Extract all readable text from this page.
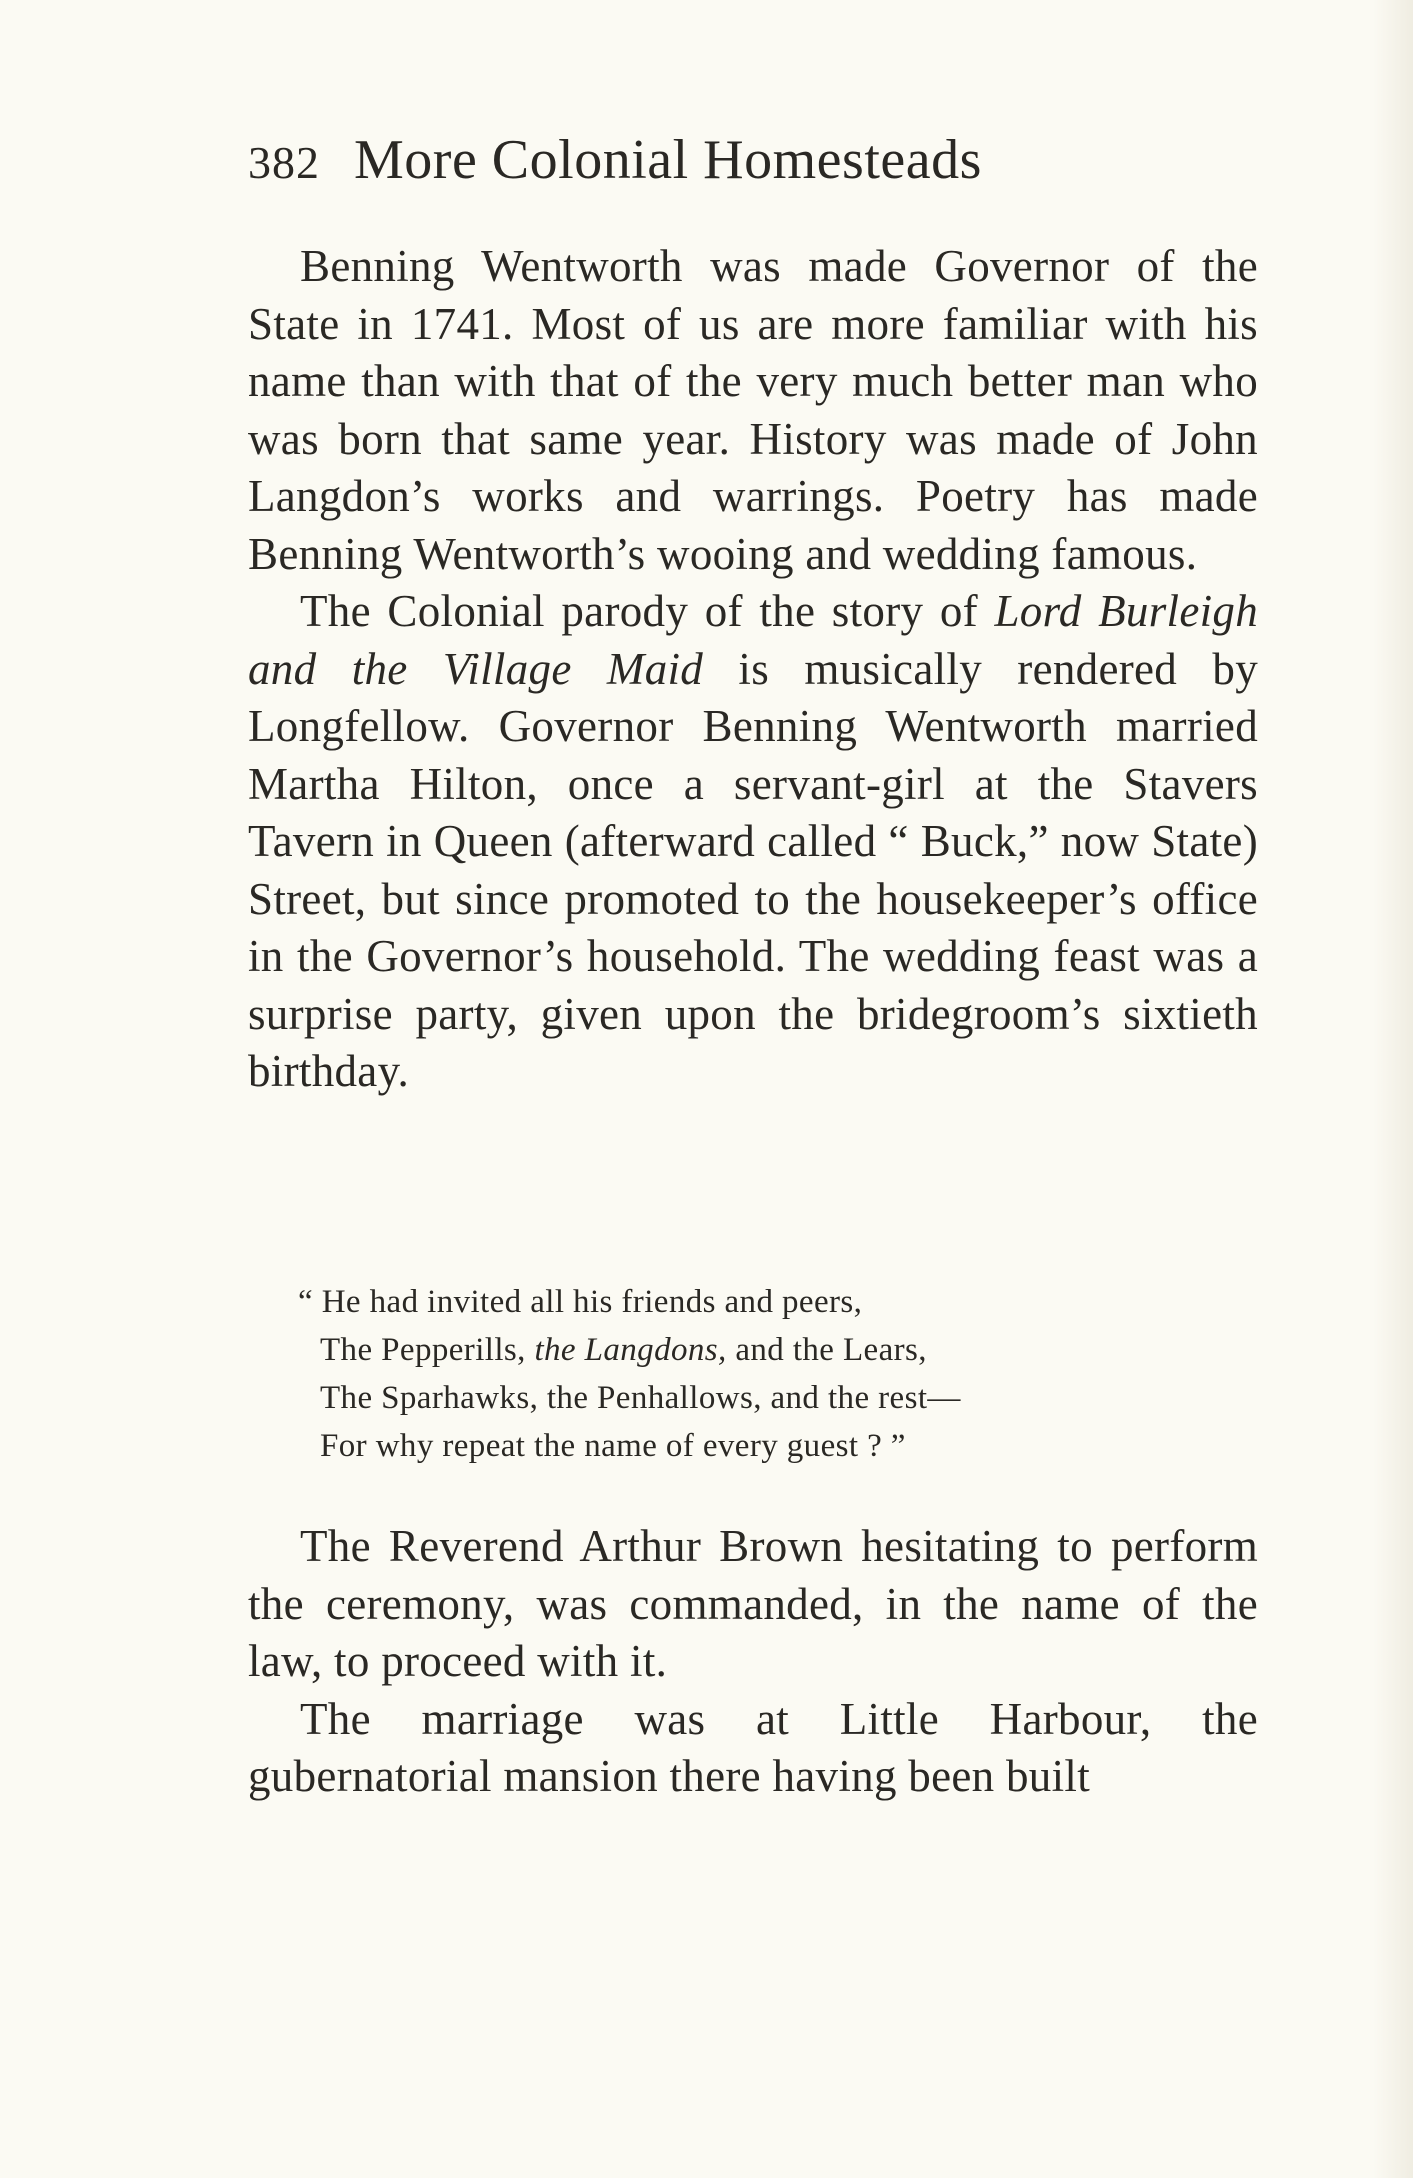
382 More Colonial Homesteads

Benning Wentworth was made Governor of the State in 1741. Most of us are more familiar with his name than with that of the very much better man who was born that same year. History was made of John Langdon’s works and warrings. Poetry has made Benning Wentworth’s wooing and wedding famous.

The Colonial parody of the story of Lord Burleigh and the Village Maid is musically rendered by Longfellow. Governor Benning Wentworth married Martha Hilton, once a servant-girl at the Stavers Tavern in Queen (afterward called “ Buck,” now State) Street, but since promoted to the housekeeper’s office in the Governor’s household. The wedding feast was a surprise party, given upon the bridegroom’s sixtieth birthday.

“ He had invited all his friends and peers,
The Pepperills, the Langdons, and the Lears,
The Sparhawks, the Penhallows, and the rest—
For why repeat the name of every guest ? ”

The Reverend Arthur Brown hesitating to perform the ceremony, was commanded, in the name of the law, to proceed with it.

The marriage was at Little Harbour, the gubernatorial mansion there having been built
